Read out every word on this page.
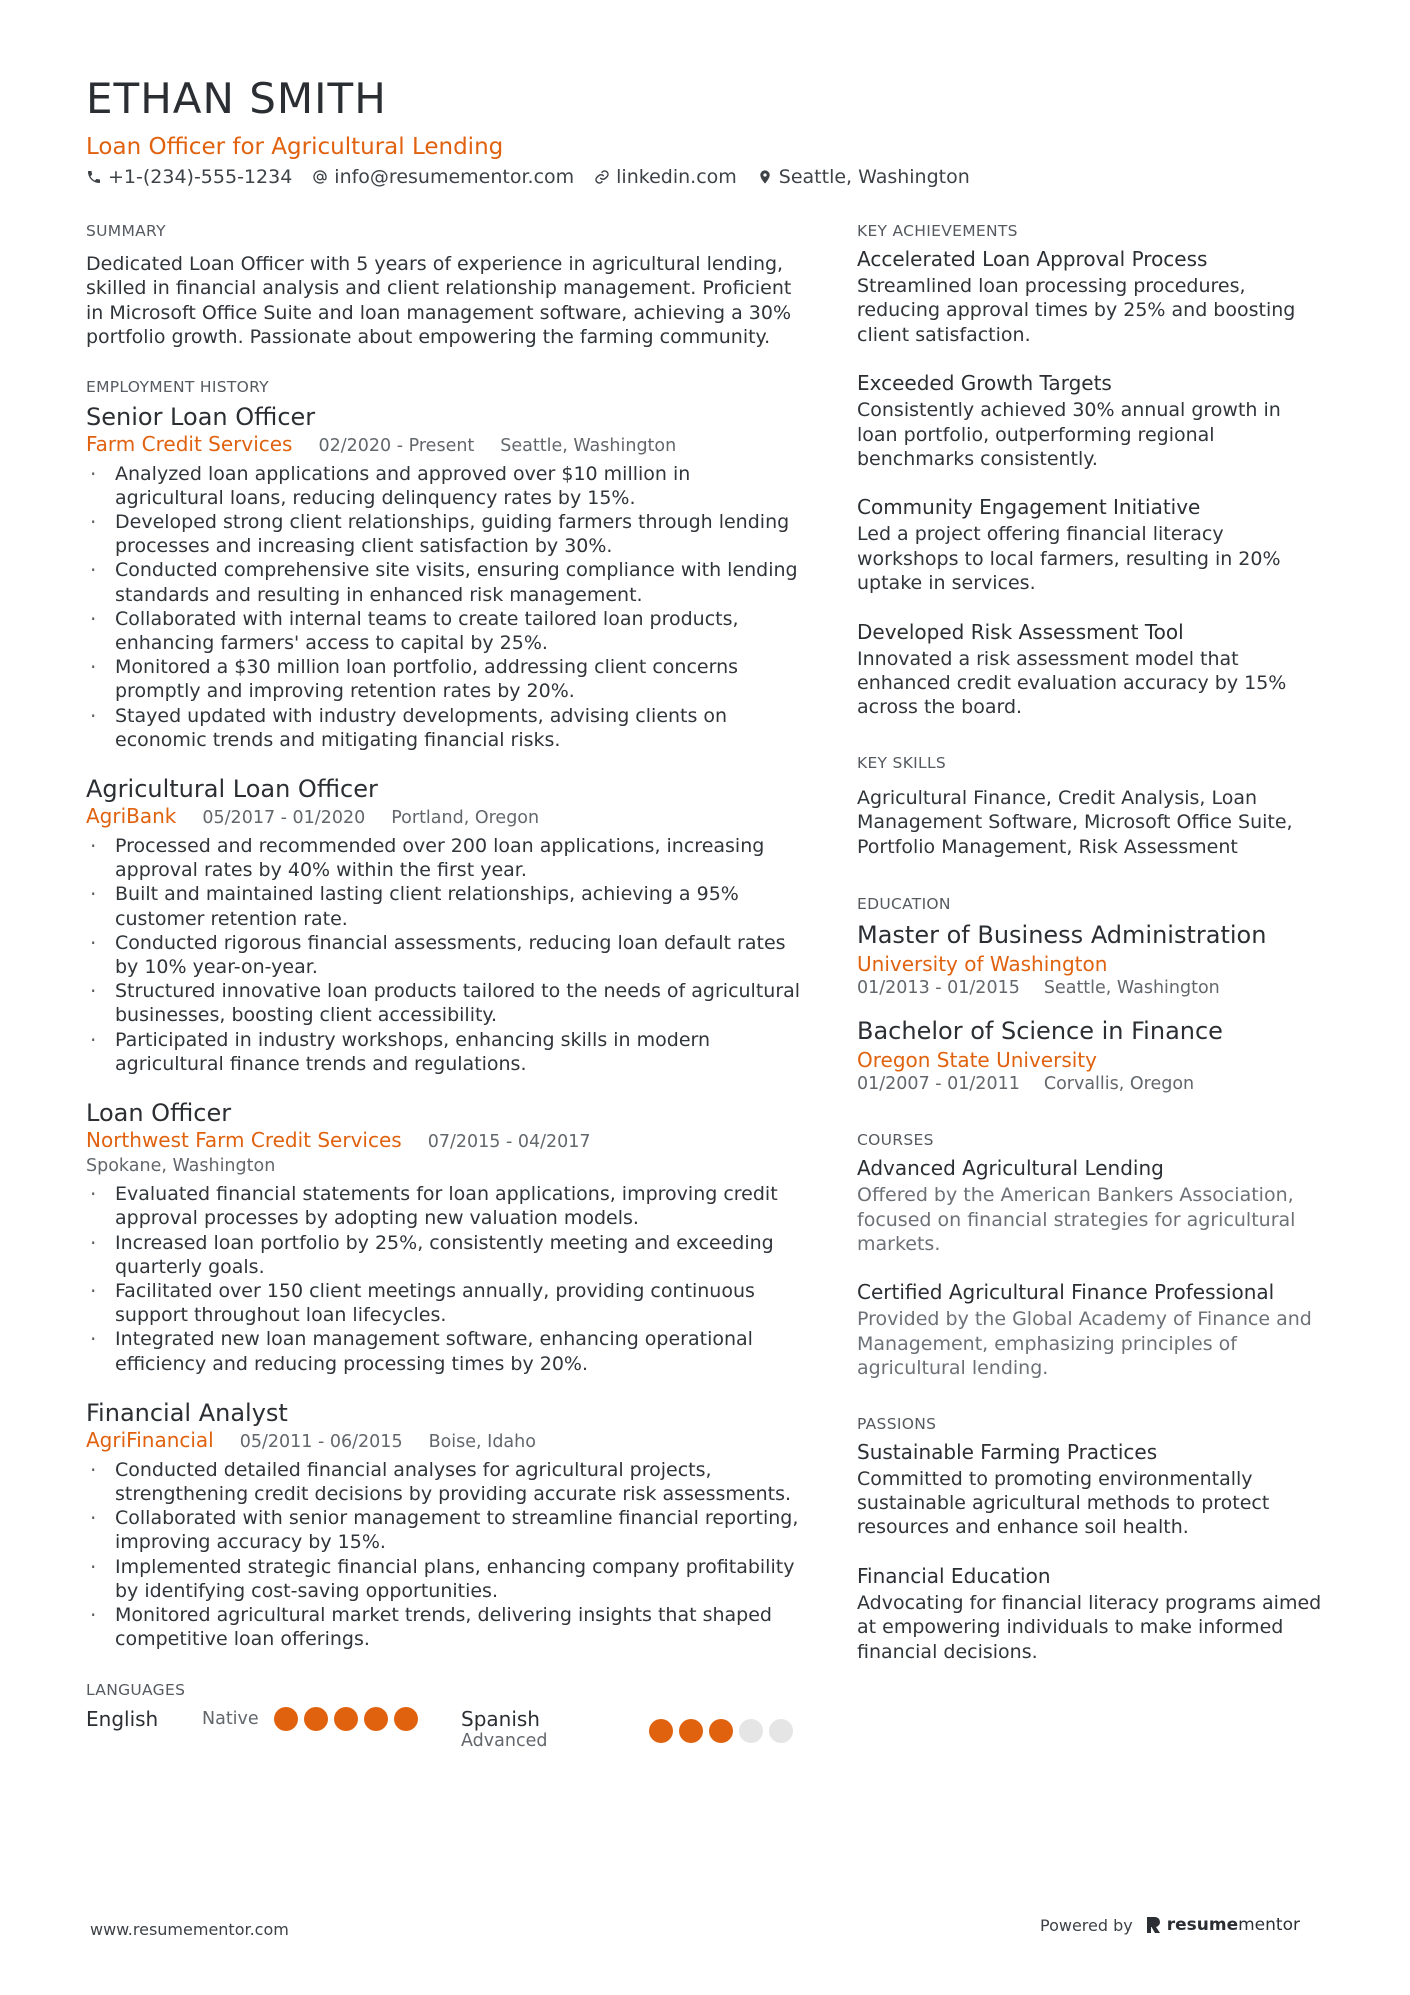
ETHAN SMITH
Loan Officer for Agricultural Lending
+1-(234)-555-1234 info@resumementor.com linkedin.com Seattle, Washington
SUMMARY

Dedicated Loan Officer with 5 years of experience in agricultural lending, skilled in financial analysis and client relationship management. Proficient in Microsoft Office Suite and loan management software, achieving a 30% portfolio growth. Passionate about empowering the farming community.

EMPLOYMENT HISTORY
Senior Loan Officer
Farm Credit Services 02/2020 - Present Seattle, Washington
· Analyzed loan applications and approved over $10 million in agricultural loans, reducing delinquency rates by 15%.
· Developed strong client relationships, guiding farmers through lending processes and increasing client satisfaction by 30%.
· Conducted comprehensive site visits, ensuring compliance with lending standards and resulting in enhanced risk management.
· Collaborated with internal teams to create tailored loan products, enhancing farmers' access to capital by 25%.
· Monitored a $30 million loan portfolio, addressing client concerns promptly and improving retention rates by 20%.
· Stayed updated with industry developments, advising clients on economic trends and mitigating financial risks.
Agricultural Loan Officer
AgriBank 05/2017 - 01/2020 Portland, Oregon
· Processed and recommended over 200 loan applications, increasing approval rates by 40% within the first year.
· Built and maintained lasting client relationships, achieving a 95% customer retention rate.
· Conducted rigorous financial assessments, reducing loan default rates by 10% year-on-year.
· Structured innovative loan products tailored to the needs of agricultural businesses, boosting client accessibility.
· Participated in industry workshops, enhancing skills in modern agricultural finance trends and regulations.
Loan Officer
Northwest Farm Credit Services 07/2015 - 04/2017
Spokane, Washington
· Evaluated financial statements for loan applications, improving credit approval processes by adopting new valuation models.
· Increased loan portfolio by 25%, consistently meeting and exceeding quarterly goals.
· Facilitated over 150 client meetings annually, providing continuous support throughout loan lifecycles.
· Integrated new loan management software, enhancing operational efficiency and reducing processing times by 20%.
Financial Analyst
AgriFinancial 05/2011 - 06/2015 Boise, Idaho
· Conducted detailed financial analyses for agricultural projects, strengthening credit decisions by providing accurate risk assessments.
· Collaborated with senior management to streamline financial reporting, improving accuracy by 15%.
· Implemented strategic financial plans, enhancing company profitability by identifying cost-saving opportunities.
· Monitored agricultural market trends, delivering insights that shaped competitive loan offerings.
LANGUAGES
English	Native	Spanish
Advanced
KEY ACHIEVEMENTS
Accelerated Loan Approval Process

Streamlined loan processing procedures, reducing approval times by 25% and boosting client satisfaction.

Exceeded Growth Targets

Consistently achieved 30% annual growth in loan portfolio, outperforming regional benchmarks consistently.

Community Engagement Initiative

Led a project offering financial literacy workshops to local farmers, resulting in 20% uptake in services.

Developed Risk Assessment Tool

Innovated a risk assessment model that enhanced credit evaluation accuracy by 15% across the board.

KEY SKILLS

Agricultural Finance, Credit Analysis, Loan Management Software, Microsoft Office Suite, Portfolio Management, Risk Assessment

EDUCATION
Master of Business Administration
University of Washington
01/2013 - 01/2015 Seattle, Washington
Bachelor of Science in Finance
Oregon State University
01/2007 - 01/2011 Corvallis, Oregon
COURSES
Advanced Agricultural Lending

Offered by the American Bankers Association, focused on financial strategies for agricultural markets.

Certified Agricultural Finance Professional

Provided by the Global Academy of Finance and Management, emphasizing principles of agricultural lending.

PASSIONS
Sustainable Farming Practices

Committed to promoting environmentally sustainable agricultural methods to protect resources and enhance soil health.

Financial Education

Advocating for financial literacy programs aimed at empowering individuals to make informed financial decisions.

www.resumementor.com	Powered by resumementor
